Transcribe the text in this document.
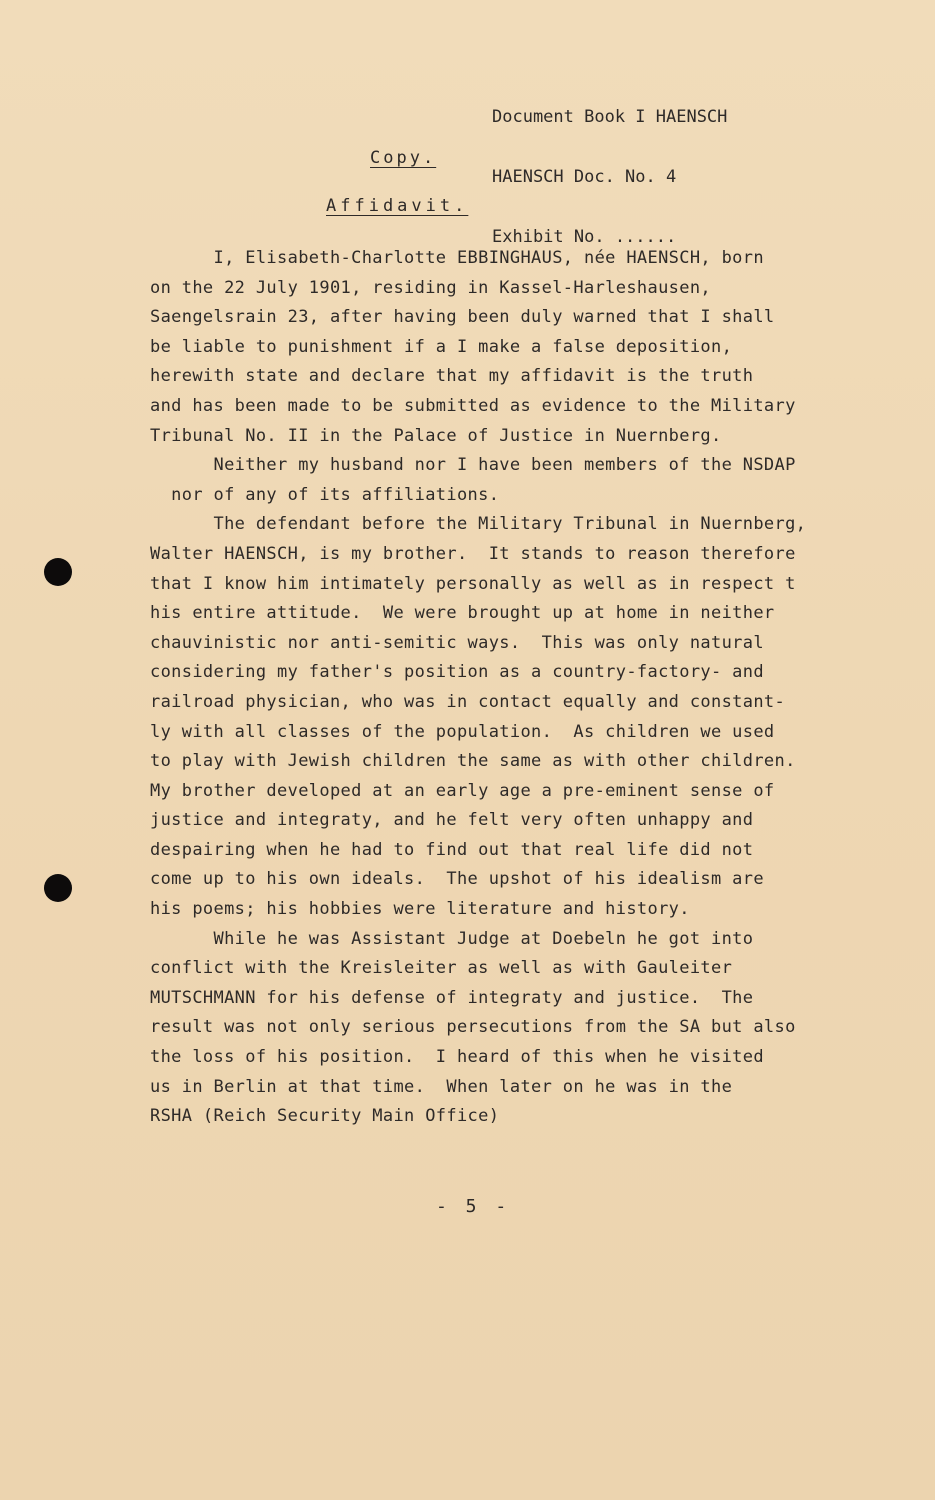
Document Book I HAENSCH

HAENSCH Doc. No. 4

Exhibit No. ......

Copy.
Affidavit.
I, Elisabeth-Charlotte EBBINGHAUS, née HAENSCH, born
on the 22 July 1901, residing in Kassel-Harleshausen,
Saengelsrain 23, after having been duly warned that I shall
be liable to punishment if a I make a false deposition,
herewith state and declare that my affidavit is the truth
and has been made to be submitted as evidence to the Military
Tribunal No. II in the Palace of Justice in Nuernberg.
Neither my husband nor I have been members of the NSDAP
nor of any of its affiliations.
The defendant before the Military Tribunal in Nuernberg,
Walter HAENSCH, is my brother.  It stands to reason therefore
that I know him intimately personally as well as in respect t
his entire attitude.  We were brought up at home in neither
chauvinistic nor anti-semitic ways.  This was only natural
considering my father's position as a country-factory- and
railroad physician, who was in contact equally and constant-
ly with all classes of the population.  As children we used
to play with Jewish children the same as with other children.
My brother developed at an early age a pre-eminent sense of
justice and integraty, and he felt very often unhappy and
despairing when he had to find out that real life did not
come up to his own ideals.  The upshot of his idealism are
his poems; his hobbies were literature and history.
While he was Assistant Judge at Doebeln he got into
conflict with the Kreisleiter as well as with Gauleiter
MUTSCHMANN for his defense of integraty and justice.  The
result was not only serious persecutions from the SA but also
the loss of his position.  I heard of this when he visited
us in Berlin at that time.  When later on he was in the
RSHA (Reich Security Main Office)
- 5 -
